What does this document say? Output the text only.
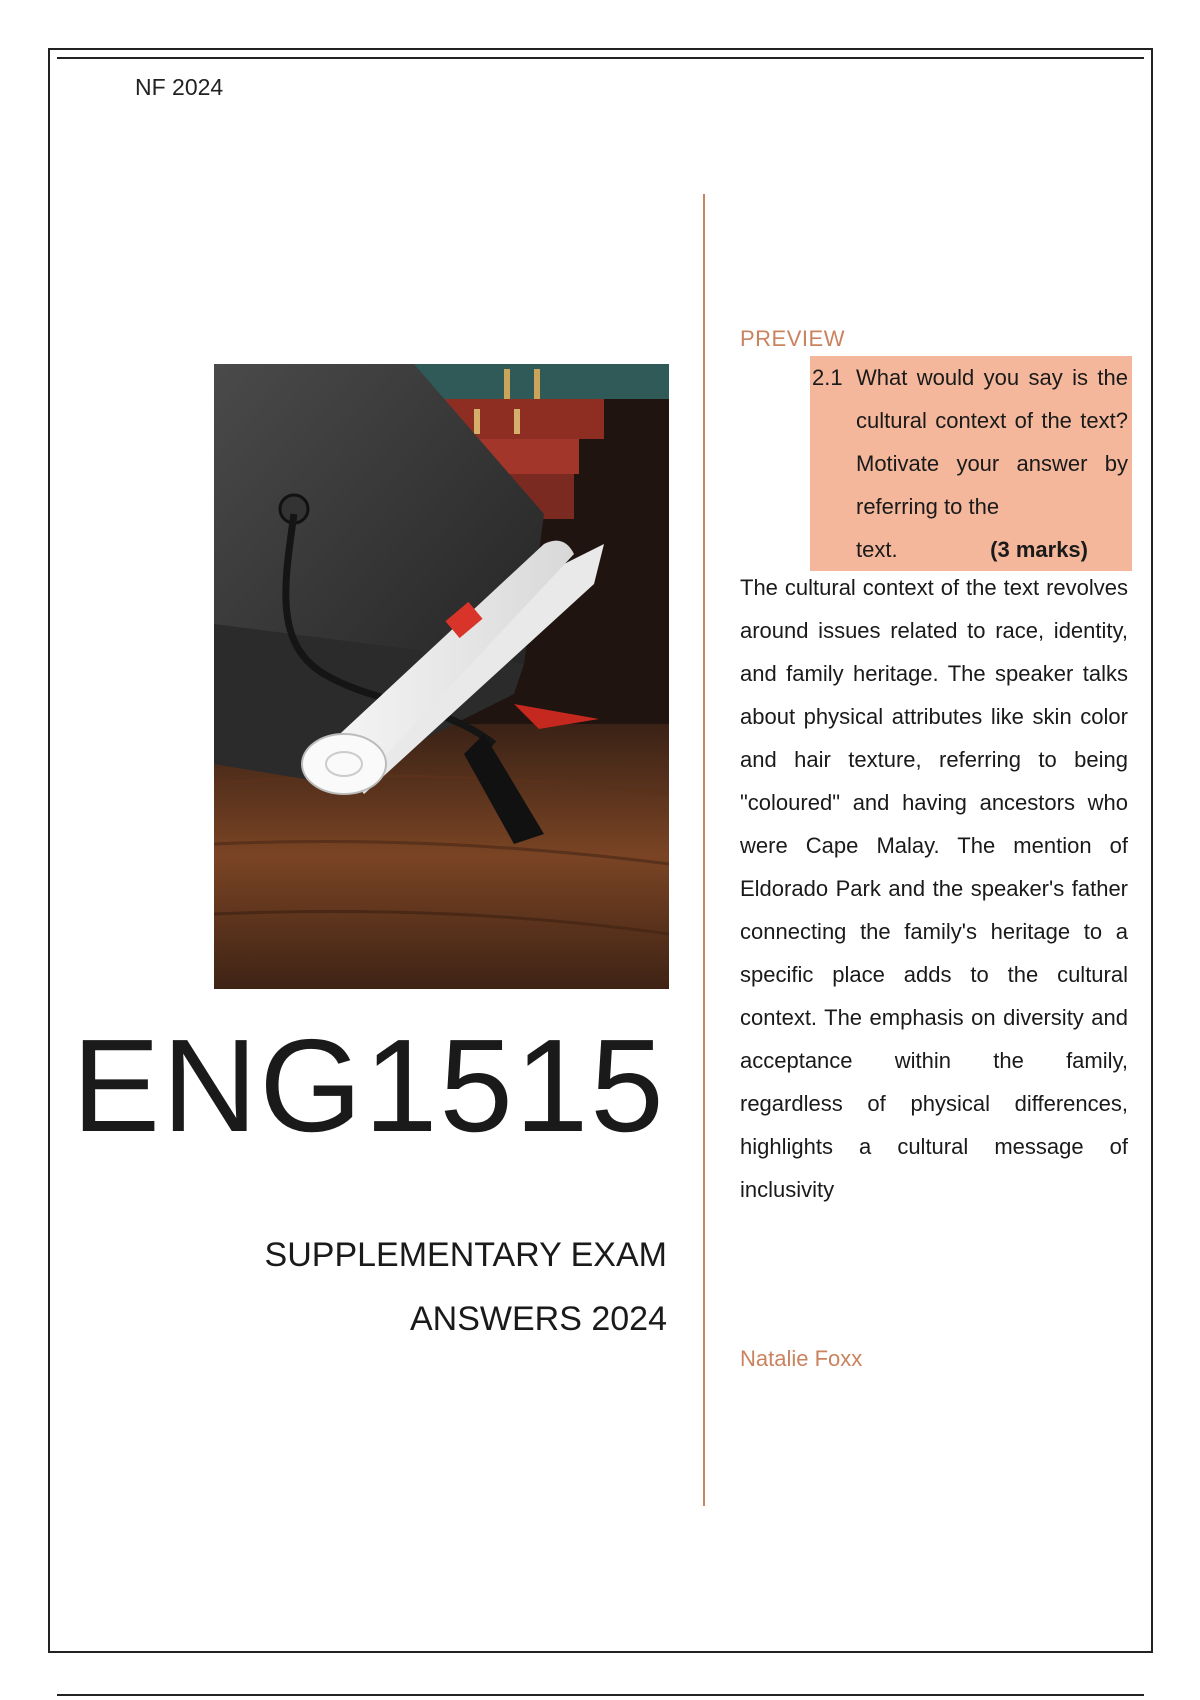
NF 2024
ENG1515
SUPPLEMENTARY EXAM
ANSWERS 2024
PREVIEW
2.1 What would you say is the cultural context of the text? Motivate your answer by referring to the
text.	(3 marks)
The cultural context of the text revolves around issues related to race, identity, and family heritage. The speaker talks about physical attributes like skin color and hair texture, referring to being "coloured" and having ancestors who were Cape Malay. The mention of Eldorado Park and the speaker's father connecting the family's heritage to a specific place adds to the cultural context. The emphasis on diversity and acceptance within the family, regardless of physical differences, highlights a cultural message of inclusivity
Natalie Foxx
